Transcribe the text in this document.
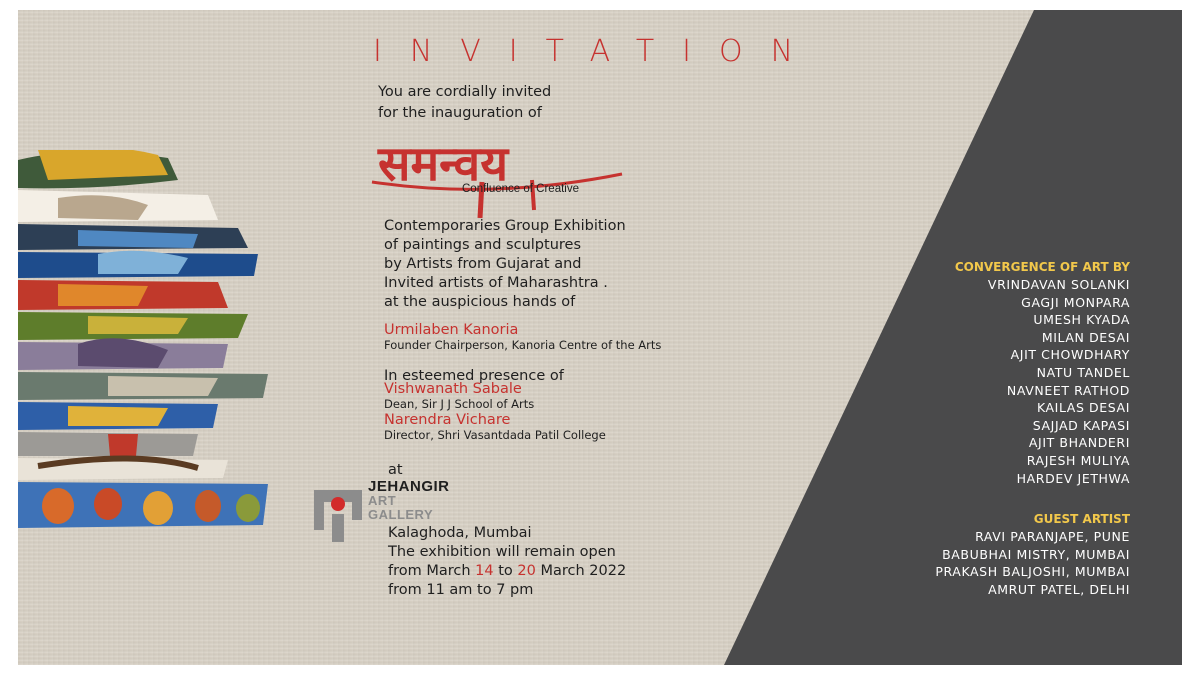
INVITATION
You are cordially invited
for the inauguration of
समन्वय
Confluence of Creative
Contemporaries Group Exhibition
of paintings and sculptures
by Artists from Gujarat and
Invited artists of Maharashtra .
at the auspicious hands of
Urmilaben Kanoria
Founder Chairperson, Kanoria Centre of the Arts
In esteemed presence of
Vishwanath Sabale
Dean, Sir J J School of Arts
Narendra Vichare
Director, Shri Vasantdada Patil College
at
JEHANGIR
ART
GALLERY
Kalaghoda, Mumbai
The exhibition will remain open
from March 14 to 20 March 2022
from 11 am to 7 pm
CONVERGENCE OF ART BY
VRINDAVAN SOLANKI
GAGJI MONPARA
UMESH KYADA
MILAN DESAI
AJIT CHOWDHARY
NATU TANDEL
NAVNEET RATHOD
KAILAS DESAI
SAJJAD KAPASI
AJIT BHANDERI
RAJESH MULIYA
HARDEV JETHWA
GUEST ARTIST
RAVI PARANJAPE, PUNE
BABUBHAI MISTRY, MUMBAI
PRAKASH BALJOSHI, MUMBAI
AMRUT PATEL, DELHI
